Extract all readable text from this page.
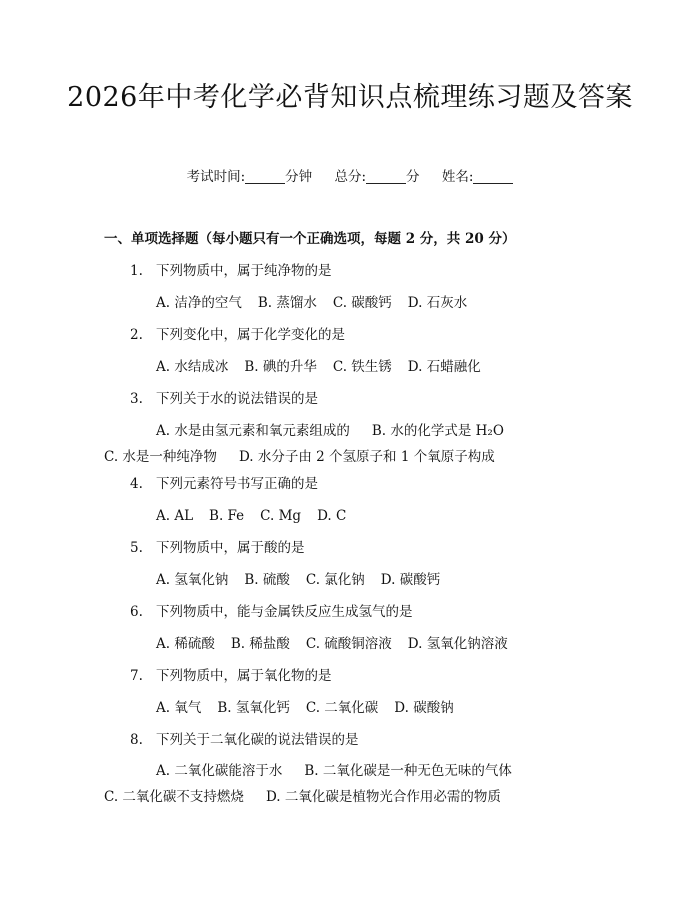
2026年中考化学必背知识点梳理练习题及答案
考试时间:	分钟 总分:	分 姓名:
一、单项选择题（每小题只有一个正确选项，每题 2 分，共 20 分）
1. 下列物质中，属于纯净物的是
A. 洁净的空气 B. 蒸馏水 C. 碳酸钙 D. 石灰水
2. 下列变化中，属于化学变化的是
A. 水结成冰 B. 碘的升华 C. 铁生锈 D. 石蜡融化
3. 下列关于水的说法错误的是
A. 水是由氢元素和氧元素组成的 B. 水的化学式是 H₂OC. 水是一种纯净物 D. 水分子由 2 个氢原子和 1 个氧原子构成
4. 下列元素符号书写正确的是
A. AL B. Fe C. Mg D. C
5. 下列物质中，属于酸的是
A. 氢氧化钠 B. 硫酸 C. 氯化钠 D. 碳酸钙
6. 下列物质中，能与金属铁反应生成氢气的是
A. 稀硫酸 B. 稀盐酸 C. 硫酸铜溶液 D. 氢氧化钠溶液
7. 下列物质中，属于氧化物的是
A. 氧气 B. 氢氧化钙 C. 二氧化碳 D. 碳酸钠
8. 下列关于二氧化碳的说法错误的是
A. 二氧化碳能溶于水 B. 二氧化碳是一种无色无味的气体C. 二氧化碳不支持燃烧 D. 二氧化碳是植物光合作用必需的物质
